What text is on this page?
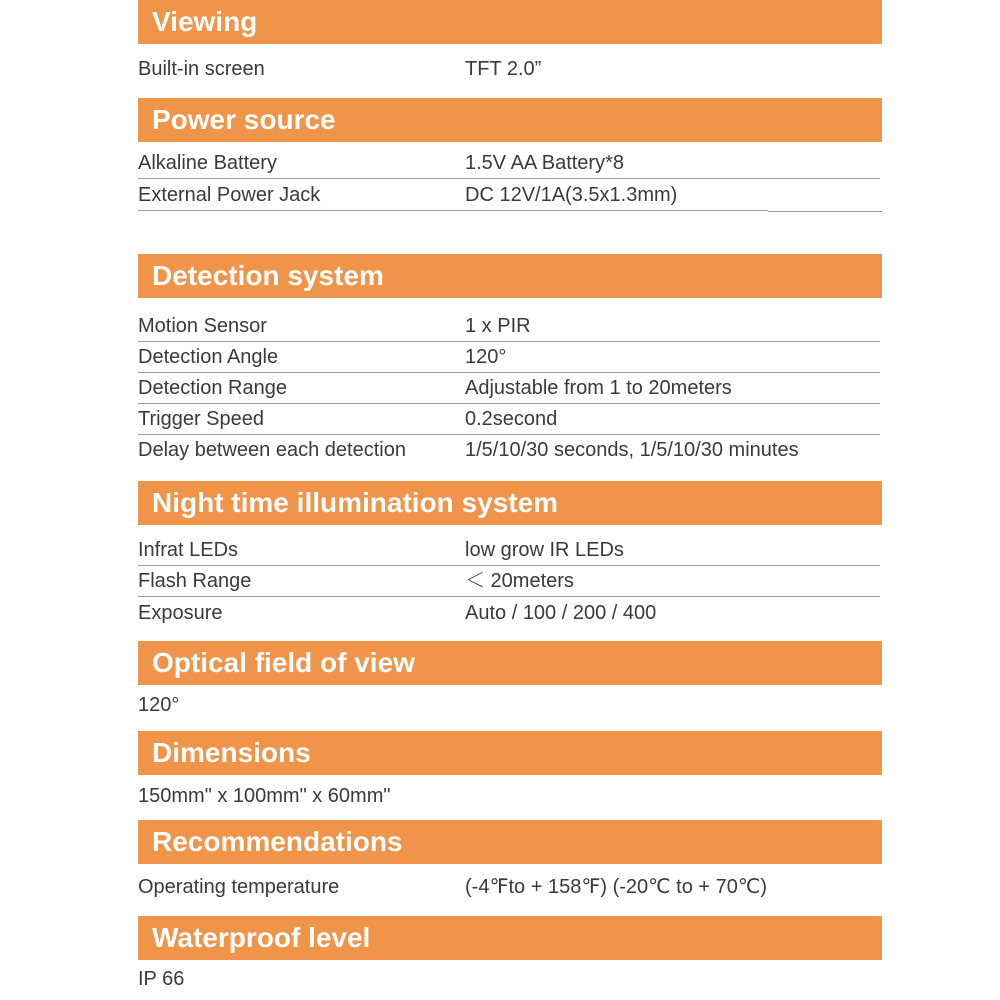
Viewing
Built-in screen	TFT 2.0”
Power source
Alkaline Battery	1.5V AA Battery*8
External Power Jack	DC 12V/1A(3.5x1.3mm)
Detection system
Motion Sensor	1 x PIR
Detection Angle	120°
Detection Range	Adjustable from 1 to 20meters
Trigger Speed	0.2second
Delay between each detection	1/5/10/30 seconds, 1/5/10/30 minutes
Night time illumination system
Infrat LEDs	low grow IR LEDs
Flash Range	＜ 20meters
Exposure	Auto / 100 / 200 / 400
Optical field of view
120°
Dimensions
150mm" x 100mm" x 60mm"
Recommendations
Operating temperature	(-4℉to + 158℉) (-20℃ to + 70℃)
Waterproof level
IP 66
